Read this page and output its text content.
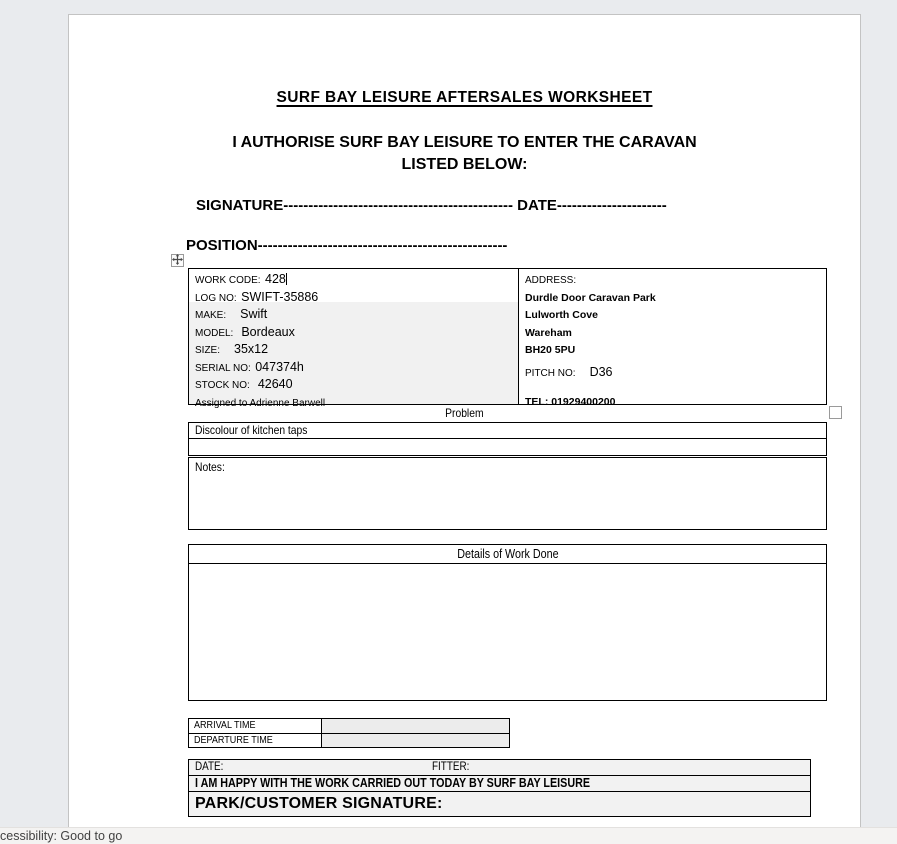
SURF BAY LEISURE AFTERSALES WORKSHEET
I AUTHORISE SURF BAY LEISURE TO ENTER THE CARAVAN
LISTED BELOW:
SIGNATURE---------------------------------------------- DATE----------------------
POSITION--------------------------------------------------
WORK CODE: 428
LOG NO: SWIFT-35886
MAKE: Swift
MODEL: Bordeaux
SIZE: 35x12
SERIAL NO: 047374h
STOCK NO: 42640
Assigned to Adrienne Barwell
ADDRESS:
Durdle Door Caravan Park
Lulworth Cove
Wareham
BH20 5PU
PITCH NO: D36
TEL: 01929400200
Problem
Discolour of kitchen taps
Notes:
Details of Work Done
ARRIVAL TIME
DEPARTURE TIME
DATE:	FITTER:
I AM HAPPY WITH THE WORK CARRIED OUT TODAY BY SURF BAY LEISURE
PARK/CUSTOMER SIGNATURE:
cessibility: Good to go
